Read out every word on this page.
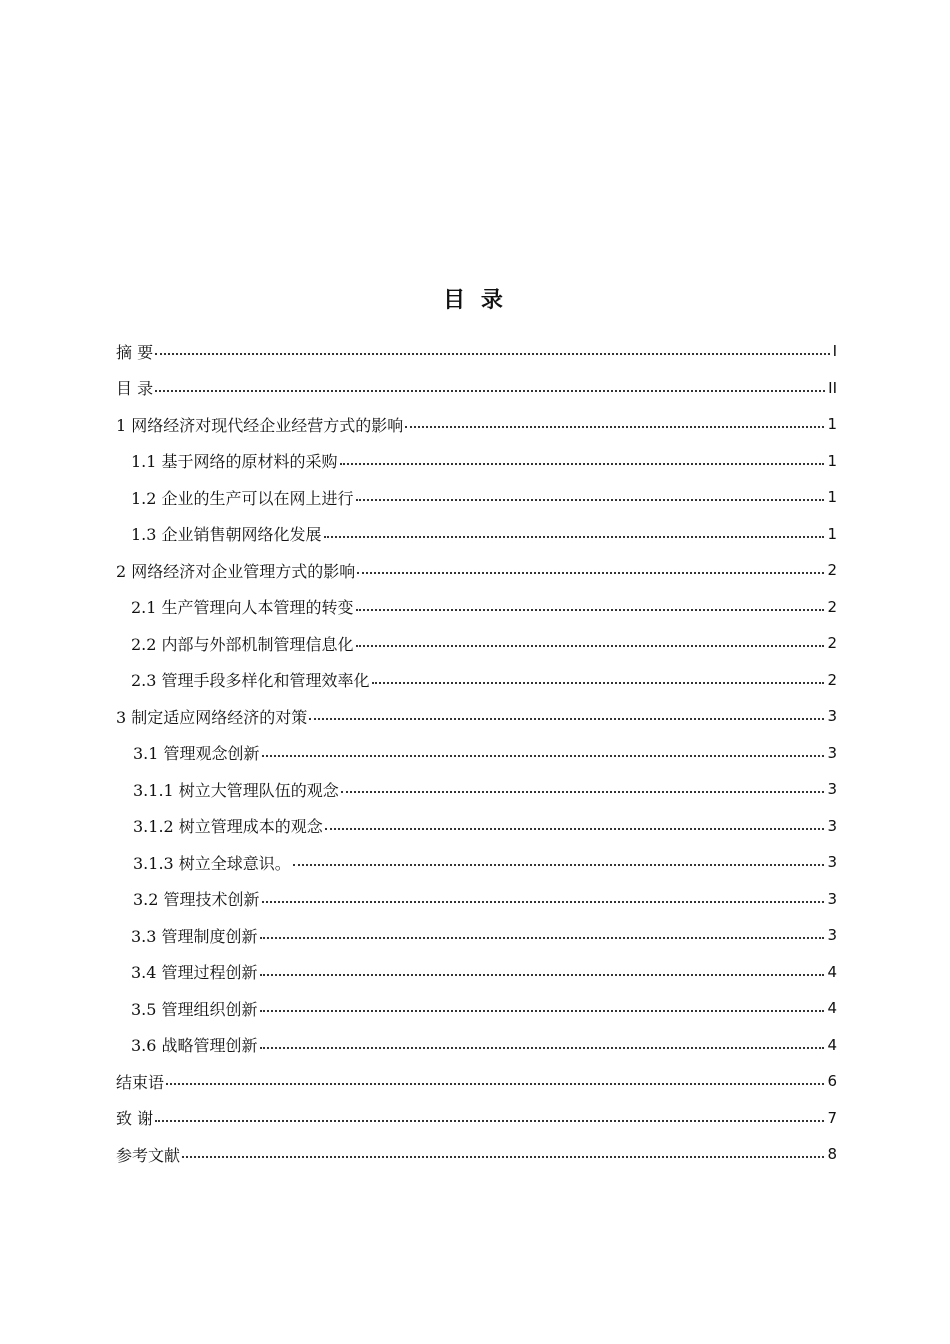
目 录
摘 要	I
目 录	II
1 网络经济对现代经企业经营方式的影响	1
1.1 基于网络的原材料的采购	1
1.2 企业的生产可以在网上进行	1
1.3 企业销售朝网络化发展	1
2 网络经济对企业管理方式的影响	2
2.1 生产管理向人本管理的转变	2
2.2 内部与外部机制管理信息化	2
2.3 管理手段多样化和管理效率化	2
3 制定适应网络经济的对策	3
3.1 管理观念创新	3
3.1.1 树立大管理队伍的观念	3
3.1.2 树立管理成本的观念	3
3.1.3 树立全球意识。	3
3.2 管理技术创新	3
3.3 管理制度创新	3
3.4 管理过程创新	4
3.5 管理组织创新	4
3.6 战略管理创新	4
结束语	6
致 谢	7
参考文献	8
